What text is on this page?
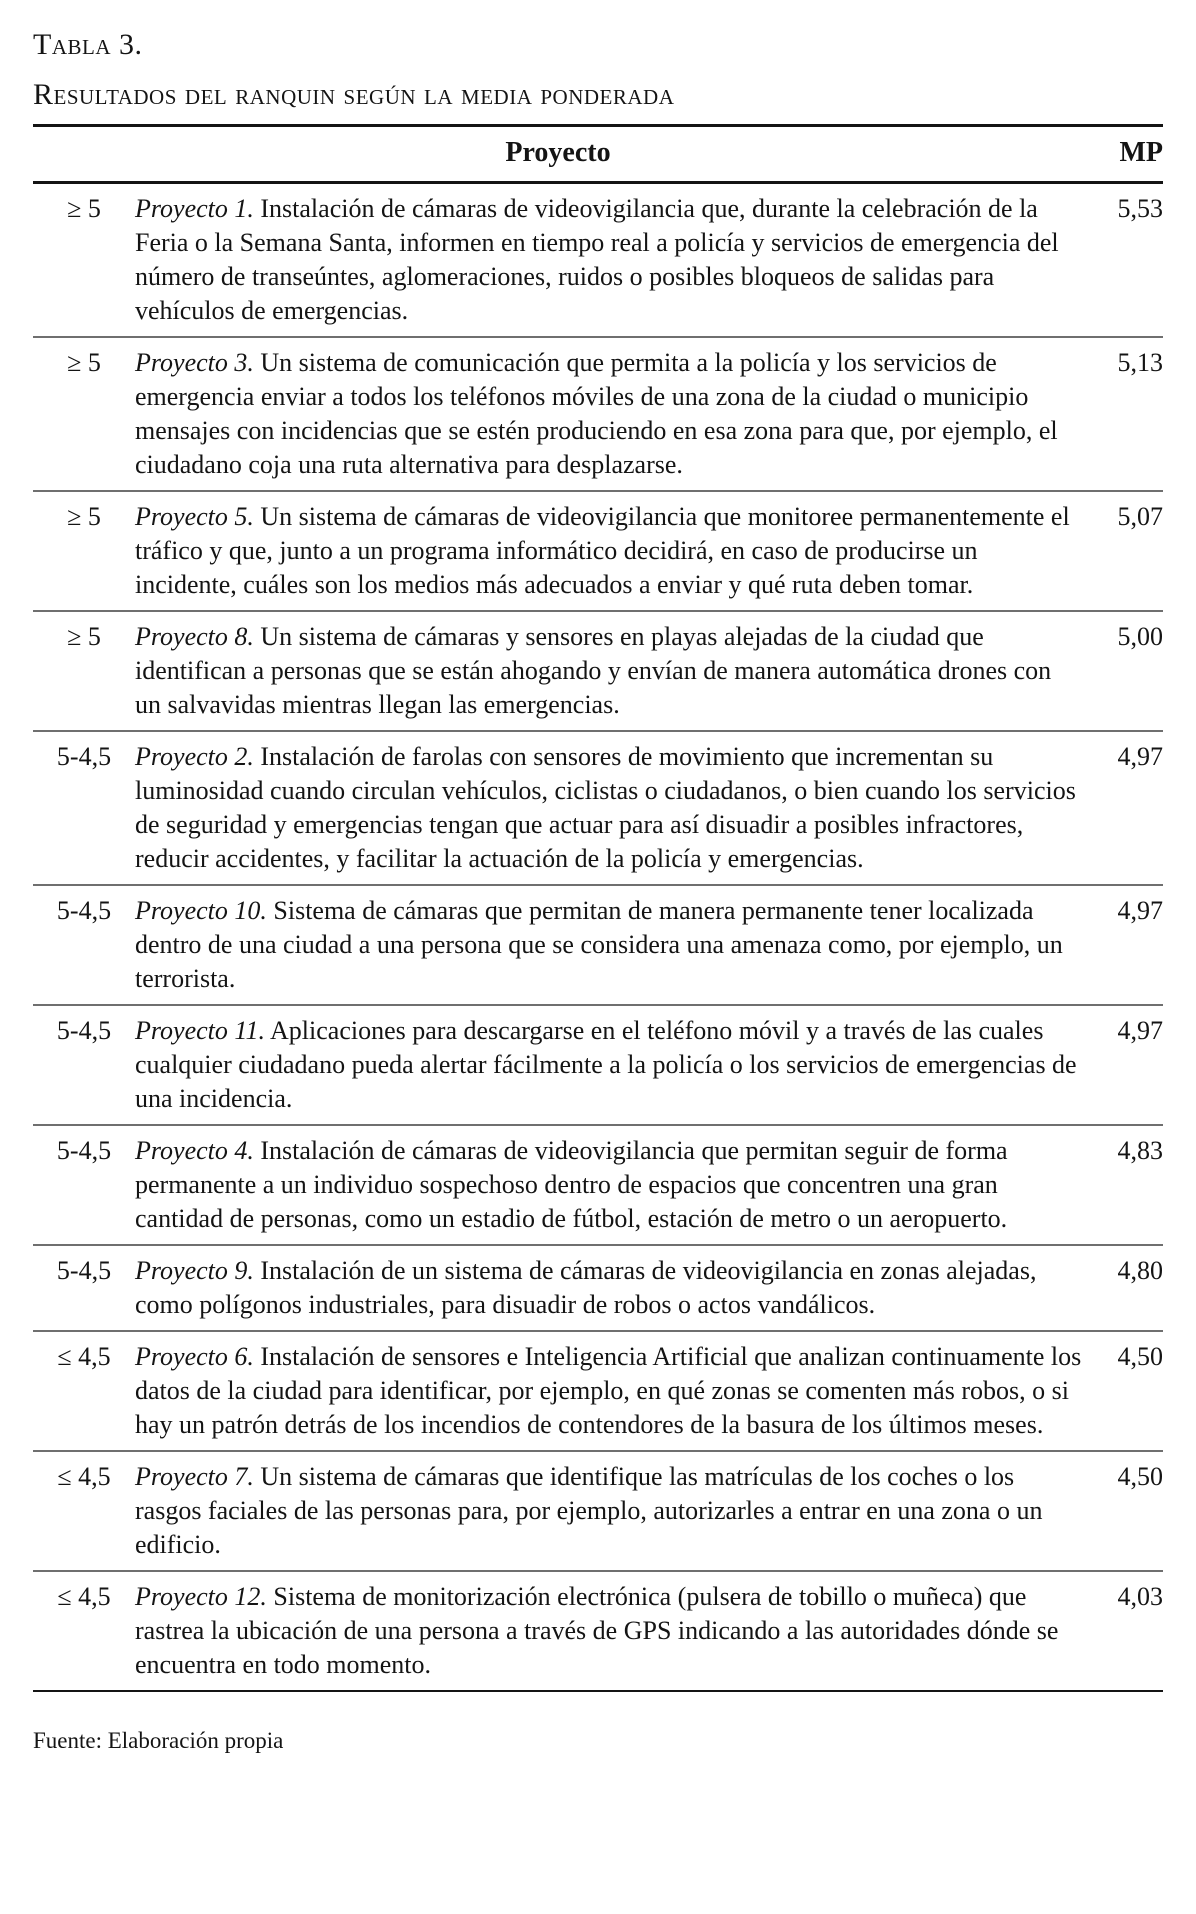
Tabla 3.
Resultados del ranquin según la media ponderada
Proyecto		MP
≥ 5	Proyecto 1. Instalación de cámaras de videovigilancia que, durante la celebración de la Feria o la Semana Santa, informen en tiempo real a policía y servicios de emergencia del número de transeúntes, aglomeraciones, ruidos o posibles bloqueos de salidas para vehículos de emergencias.	5,53
≥ 5	Proyecto 3. Un sistema de comunicación que permita a la policía y los servicios de emergencia enviar a todos los teléfonos móviles de una zona de la ciudad o municipio mensajes con incidencias que se estén produciendo en esa zona para que, por ejemplo, el ciudadano coja una ruta alternativa para desplazarse.	5,13
≥ 5	Proyecto 5. Un sistema de cámaras de videovigilancia que monitoree permanentemente el tráfico y que, junto a un programa informático decidirá, en caso de producirse un incidente, cuáles son los medios más adecuados a enviar y qué ruta deben tomar.	5,07
≥ 5	Proyecto 8. Un sistema de cámaras y sensores en playas alejadas de la ciudad que identifican a personas que se están ahogando y envían de manera automática drones con un salvavidas mientras llegan las emergencias.	5,00
5-4,5	Proyecto 2. Instalación de farolas con sensores de movimiento que incrementan su luminosidad cuando circulan vehículos, ciclistas o ciudadanos, o bien cuando los servicios de seguridad y emergencias tengan que actuar para así disuadir a posibles infractores, reducir accidentes, y facilitar la actuación de la policía y emergencias.	4,97
5-4,5	Proyecto 10. Sistema de cámaras que permitan de manera permanente tener localizada dentro de una ciudad a una persona que se considera una amenaza como, por ejemplo, un terrorista.	4,97
5-4,5	Proyecto 11. Aplicaciones para descargarse en el teléfono móvil y a través de las cuales cualquier ciudadano pueda alertar fácilmente a la policía o los servicios de emergencias de una incidencia.	4,97
5-4,5	Proyecto 4. Instalación de cámaras de videovigilancia que permitan seguir de forma permanente a un individuo sospechoso dentro de espacios que concentren una gran cantidad de personas, como un estadio de fútbol, estación de metro o un aeropuerto.	4,83
5-4,5	Proyecto 9. Instalación de un sistema de cámaras de videovigilancia en zonas alejadas, como polígonos industriales, para disuadir de robos o actos vandálicos.	4,80
≤ 4,5	Proyecto 6. Instalación de sensores e Inteligencia Artificial que analizan continuamente los datos de la ciudad para identificar, por ejemplo, en qué zonas se comenten más robos, o si hay un patrón detrás de los incendios de contendores de la basura de los últimos meses.	4,50
≤ 4,5	Proyecto 7. Un sistema de cámaras que identifique las matrículas de los coches o los rasgos faciales de las personas para, por ejemplo, autorizarles a entrar en una zona o un edificio.	4,50
≤ 4,5	Proyecto 12. Sistema de monitorización electrónica (pulsera de tobillo o muñeca) que rastrea la ubicación de una persona a través de GPS indicando a las autoridades dónde se encuentra en todo momento.	4,03
Fuente: Elaboración propia
